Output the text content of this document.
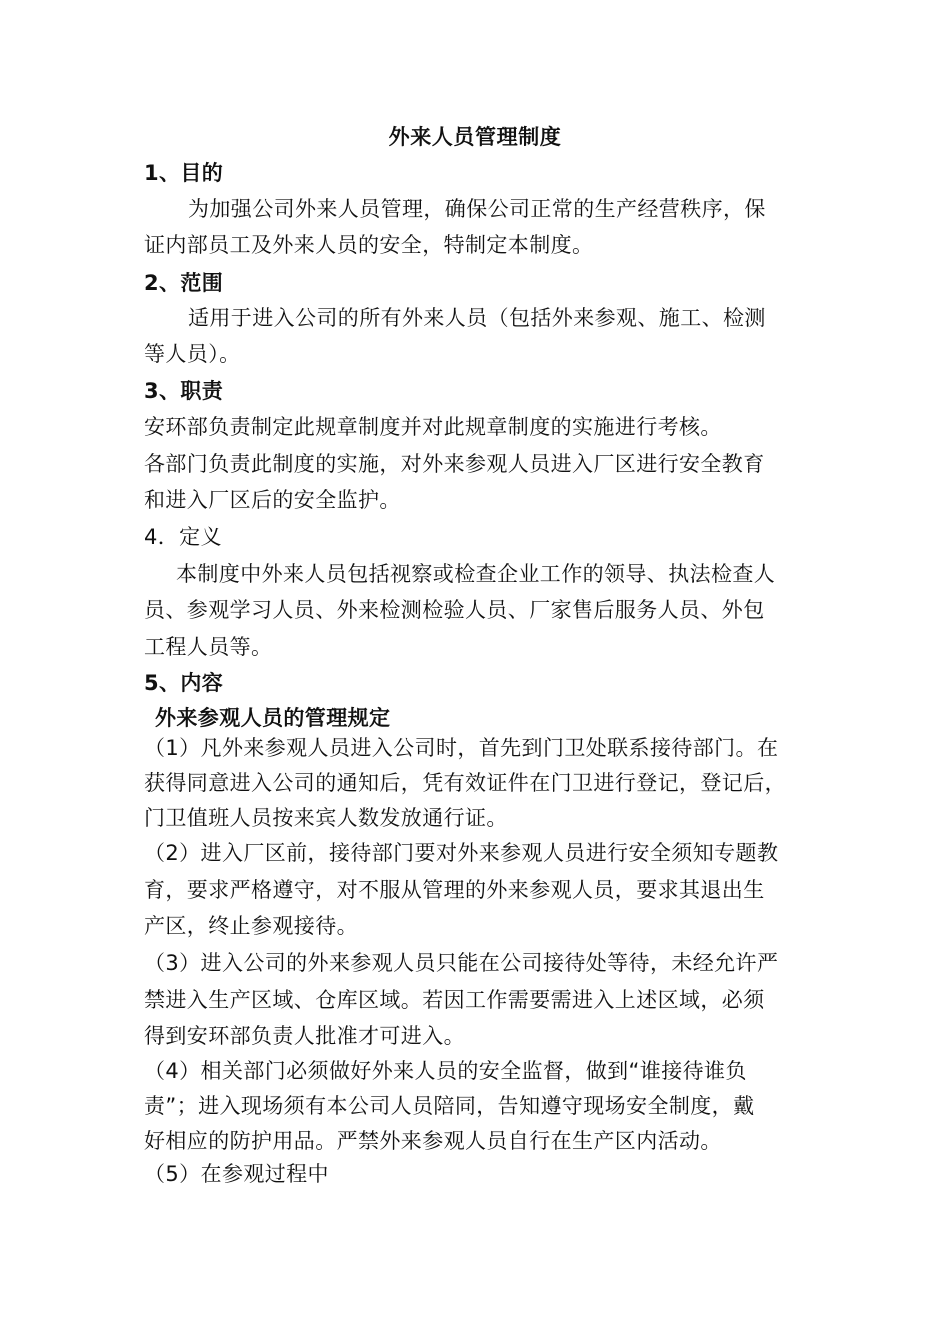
外来人员管理制度
1、目的
为加强公司外来人员管理，确保公司正常的生产经营秩序，保
证内部员工及外来人员的安全，特制定本制度。
2、范围
适用于进入公司的所有外来人员（包括外来参观、施工、检测
等人员）。
3、职责
安环部负责制定此规章制度并对此规章制度的实施进行考核。
各部门负责此制度的实施，对外来参观人员进入厂区进行安全教育
和进入厂区后的安全监护。
4．定义
本制度中外来人员包括视察或检查企业工作的领导、执法检查人
员、参观学习人员、外来检测检验人员、厂家售后服务人员、外包
工程人员等。
5、内容
外来参观人员的管理规定
（1）凡外来参观人员进入公司时，首先到门卫处联系接待部门。在
获得同意进入公司的通知后，凭有效证件在门卫进行登记，登记后，
门卫值班人员按来宾人数发放通行证。
（2）进入厂区前，接待部门要对外来参观人员进行安全须知专题教
育，要求严格遵守，对不服从管理的外来参观人员，要求其退出生
产区，终止参观接待。
（3）进入公司的外来参观人员只能在公司接待处等待，未经允许严
禁进入生产区域、仓库区域。若因工作需要需进入上述区域，必须
得到安环部负责人批准才可进入。
（4）相关部门必须做好外来人员的安全监督，做到“谁接待谁负
责”；进入现场须有本公司人员陪同，告知遵守现场安全制度，戴
好相应的防护用品。严禁外来参观人员自行在生产区内活动。
（5）在参观过程中
